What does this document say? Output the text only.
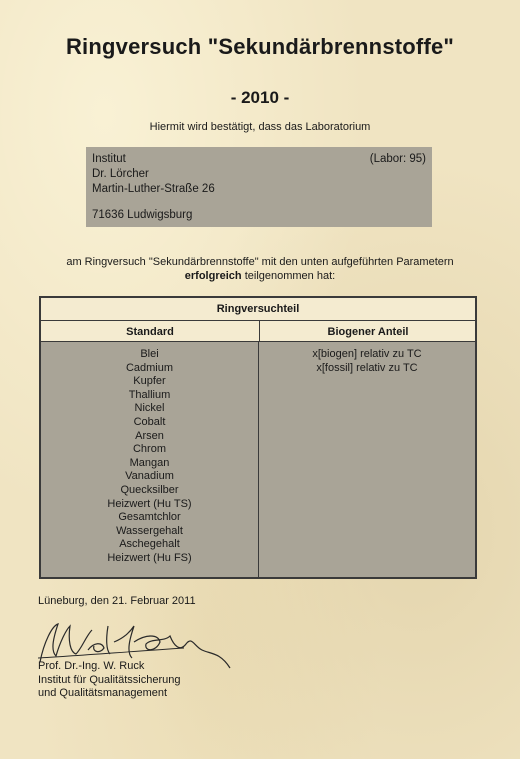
Ringversuch "Sekundärbrennstoffe"
- 2010 -
Hiermit wird bestätigt, dass das Laboratorium
(Labor: 95)
Institut
Dr. Lörcher
Martin-Luther-Straße 26
71636 Ludwigsburg
am Ringversuch "Sekundärbrennstoffe" mit den unten aufgeführten Parametern
erfolgreich teilgenommen hat:
Ringversuchteil
Standard	Biogener Anteil
Blei
Cadmium
Kupfer
Thallium
Nickel
Cobalt
Arsen
Chrom
Mangan
Vanadium
Quecksilber
Heizwert (Hu TS)
Gesamtchlor
Wassergehalt
Aschegehalt
Heizwert (Hu FS)
x[biogen] relativ zu TC
x[fossil] relativ zu TC
Lüneburg, den 21. Februar 2011
Prof. Dr.-Ing. W. Ruck
Institut für Qualitätssicherung
und Qualitätsmanagement
